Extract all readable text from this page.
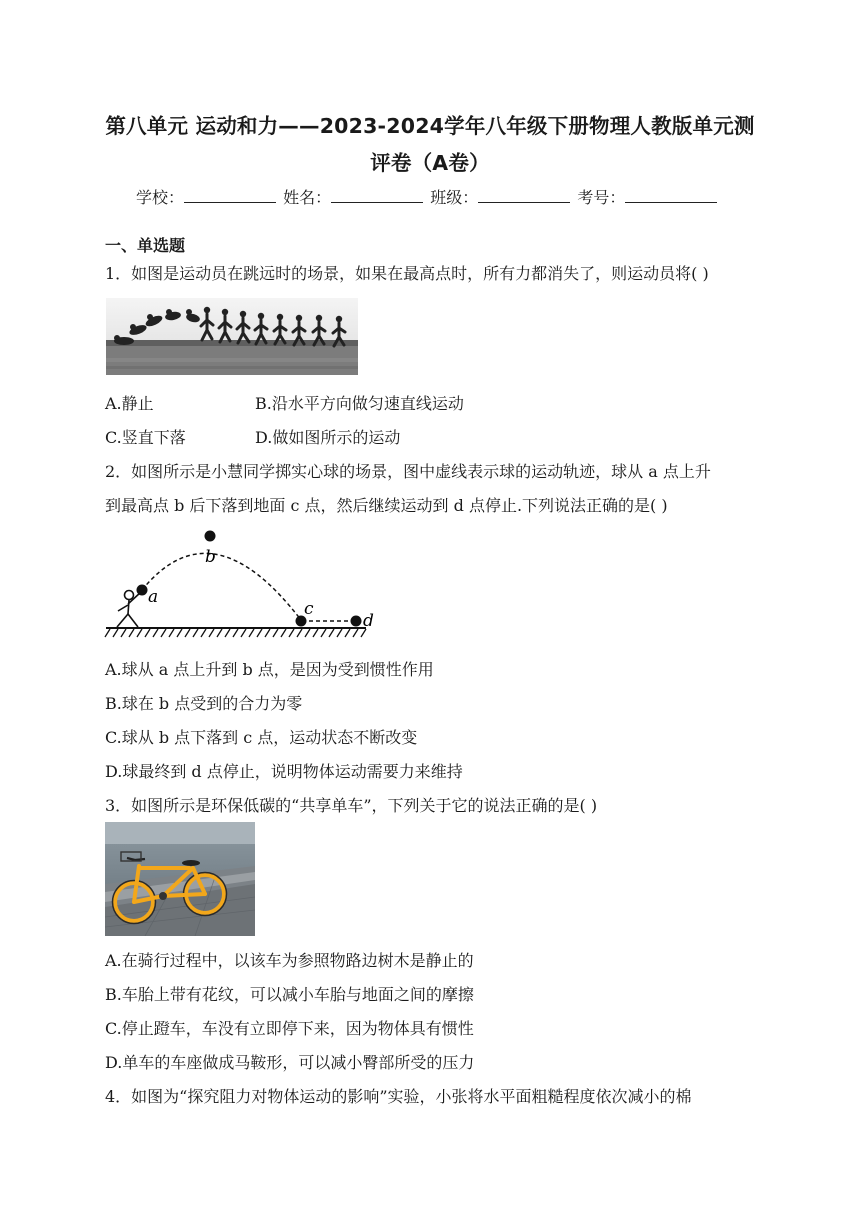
第八单元 运动和力——2023-2024学年八年级下册物理人教版单元测
评卷（A卷）
学校：	姓名：	班级：	考号：
一、单选题
1．如图是运动员在跳远时的场景，如果在最高点时，所有力都消失了，则运动员将( )
A.静止	B.沿水平方向做匀速直线运动
C.竖直下落	D.做如图所示的运动
2．如图所示是小慧同学掷实心球的场景，图中虚线表示球的运动轨迹，球从 a 点上升
到最高点 b 后下落到地面 c 点，然后继续运动到 d 点停止.下列说法正确的是( )
a
b
c
d
A.球从 a 点上升到 b 点，是因为受到惯性作用
B.球在 b 点受到的合力为零
C.球从 b 点下落到 c 点，运动状态不断改变
D.球最终到 d 点停止，说明物体运动需要力来维持
3．如图所示是环保低碳的“共享单车”，下列关于它的说法正确的是( )
A.在骑行过程中，以该车为参照物路边树木是静止的
B.车胎上带有花纹，可以减小车胎与地面之间的摩擦
C.停止蹬车，车没有立即停下来，因为物体具有惯性
D.单车的车座做成马鞍形，可以减小臀部所受的压力
4．如图为“探究阻力对物体运动的影响”实验，小张将水平面粗糙程度依次减小的棉
